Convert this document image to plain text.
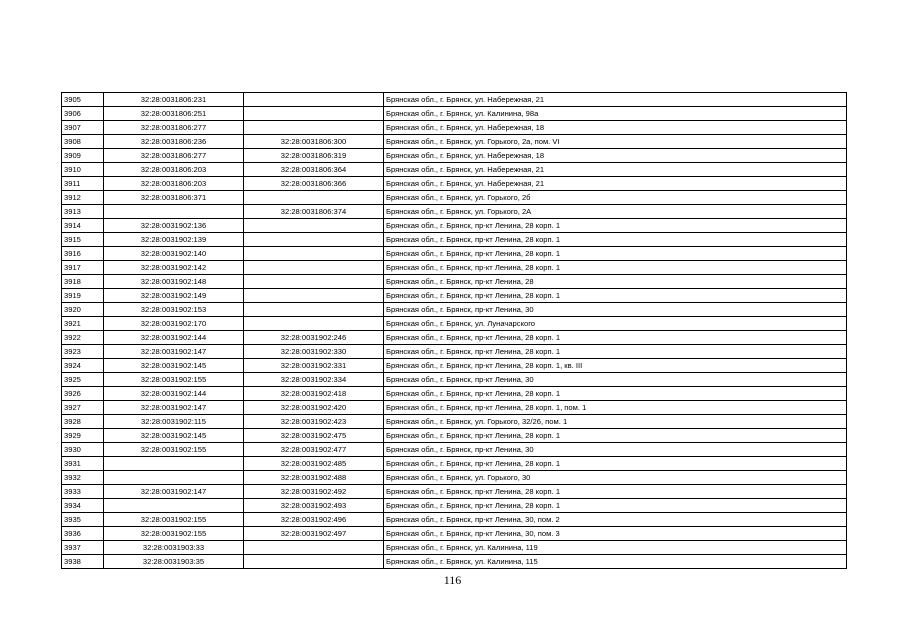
3905	32:28:0031806:231		Брянская обл., г. Брянск, ул. Набережная, 21
3906	32:28:0031806:251		Брянская обл., г. Брянск, ул. Калинина, 98а
3907	32:28:0031806:277		Брянская обл., г. Брянск, ул. Набережная, 18
3908	32:28:0031806:236	32:28:0031806:300	Брянская обл., г. Брянск, ул. Горького, 2а, пом. VI
3909	32:28:0031806:277	32:28:0031806:319	Брянская обл., г. Брянск, ул. Набережная, 18
3910	32:28:0031806:203	32:28:0031806:364	Брянская обл., г. Брянск, ул. Набережная, 21
3911	32:28:0031806:203	32:28:0031806:366	Брянская обл., г. Брянск, ул. Набережная, 21
3912	32:28:0031806:371		Брянская обл., г. Брянск, ул. Горького, 2б
3913		32:28:0031806:374	Брянская обл., г. Брянск, ул. Горького, 2А
3914	32:28:0031902:136		Брянская обл., г. Брянск, пр-кт Ленина, 28 корп. 1
3915	32:28:0031902:139		Брянская обл., г. Брянск, пр-кт Ленина, 28 корп. 1
3916	32:28:0031902:140		Брянская обл., г. Брянск, пр-кт Ленина, 28 корп. 1
3917	32:28:0031902:142		Брянская обл., г. Брянск, пр-кт Ленина, 28 корп. 1
3918	32:28:0031902:148		Брянская обл., г. Брянск, пр-кт Ленина, 28
3919	32:28:0031902:149		Брянская обл., г. Брянск, пр-кт Ленина, 28 корп. 1
3920	32:28:0031902:153		Брянская обл., г. Брянск, пр-кт Ленина, 30
3921	32:28:0031902:170		Брянская обл., г. Брянск, ул. Луначарского
3922	32:28:0031902:144	32:28:0031902:246	Брянская обл., г. Брянск, пр-кт Ленина, 28 корп. 1
3923	32:28:0031902:147	32:28:0031902:330	Брянская обл., г. Брянск, пр-кт Ленина, 28 корп. 1
3924	32:28:0031902:145	32:28:0031902:331	Брянская обл., г. Брянск, пр-кт Ленина, 28 корп. 1, кв. III
3925	32:28:0031902:155	32:28:0031902:334	Брянская обл., г. Брянск, пр-кт Ленина, 30
3926	32:28:0031902:144	32:28:0031902:418	Брянская обл., г. Брянск, пр-кт Ленина, 28 корп. 1
3927	32:28:0031902:147	32:28:0031902:420	Брянская обл., г. Брянск, пр-кт Ленина, 28 корп. 1, пом. 1
3928	32:28:0031902:115	32:28:0031902:423	Брянская обл., г. Брянск, ул. Горького, 32/26, пом. 1
3929	32:28:0031902:145	32:28:0031902:475	Брянская обл., г. Брянск, пр-кт Ленина, 28 корп. 1
3930	32:28:0031902:155	32:28:0031902:477	Брянская обл., г. Брянск, пр-кт Ленина, 30
3931		32:28:0031902:485	Брянская обл., г. Брянск, пр-кт Ленина, 28 корп. 1
3932		32:28:0031902:488	Брянская обл., г. Брянск, ул. Горького, 30
3933	32:28:0031902:147	32:28:0031902:492	Брянская обл., г. Брянск, пр-кт Ленина, 28 корп. 1
3934		32:28:0031902:493	Брянская обл., г. Брянск, пр-кт Ленина, 28 корп. 1
3935	32:28:0031902:155	32:28:0031902:496	Брянская обл., г. Брянск, пр-кт Ленина, 30, пом. 2
3936	32:28:0031902:155	32:28:0031902:497	Брянская обл., г. Брянск, пр-кт Ленина, 30, пом. 3
3937	32:28:0031903:33		Брянская обл., г. Брянск, ул. Калинина, 119
3938	32:28:0031903:35		Брянская обл., г. Брянск, ул. Калинина, 115
116
